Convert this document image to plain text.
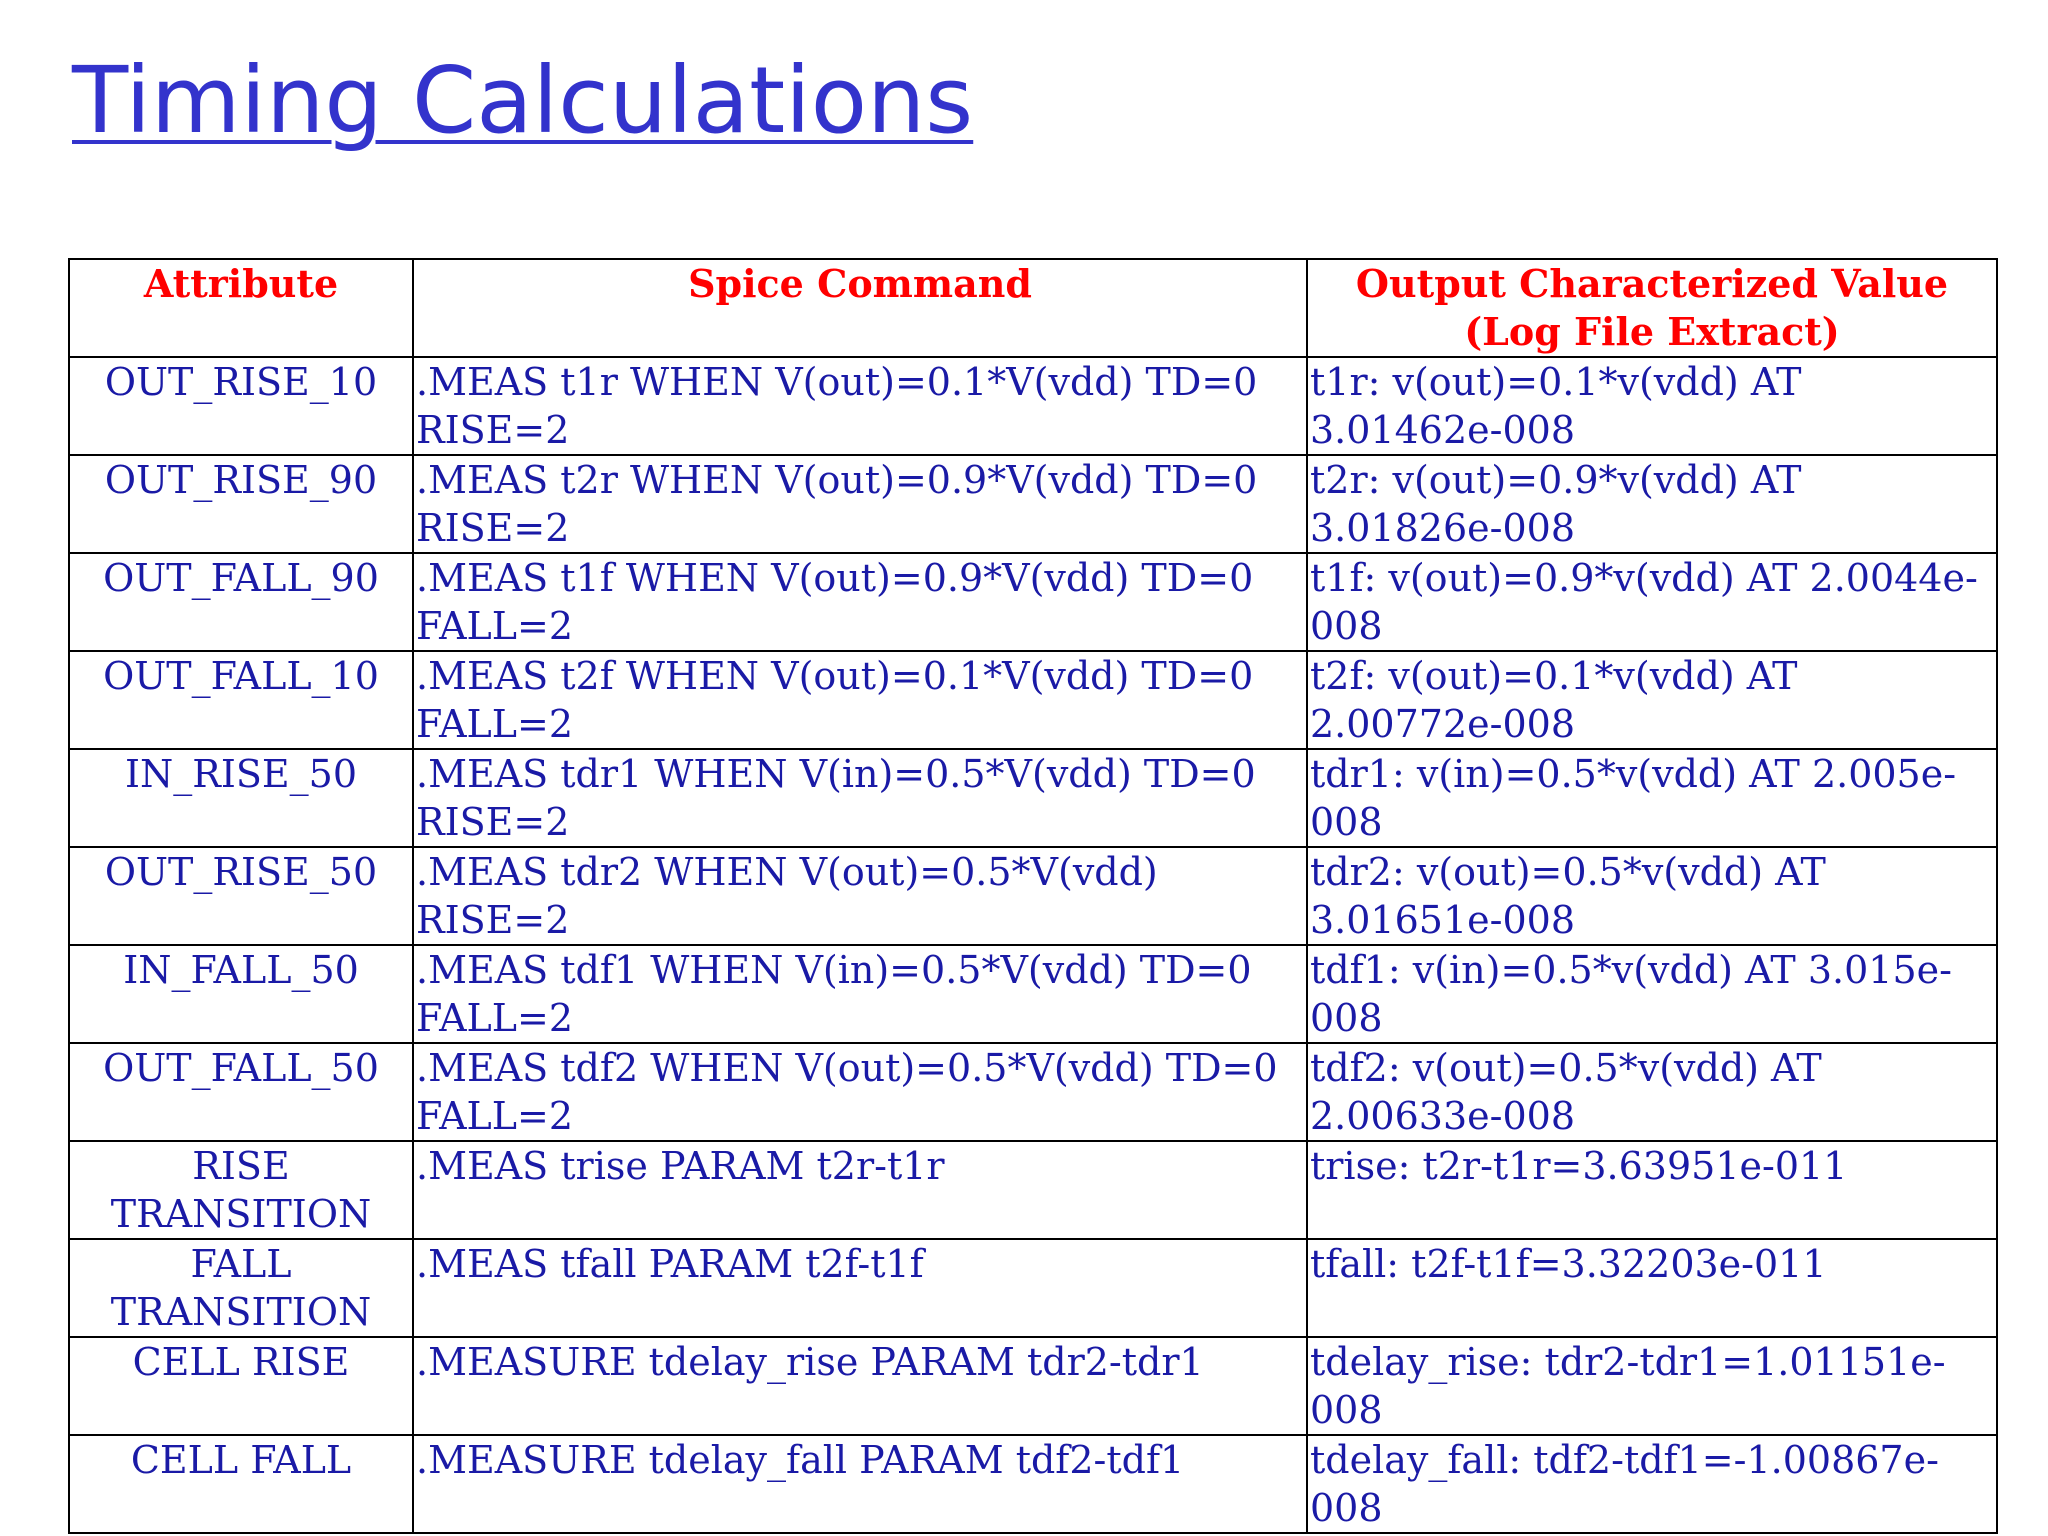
Timing Calculations
Attribute	Spice Command	Output Characterized Value (Log File Extract)
OUT_RISE_10	.MEAS t1r WHEN V(out)=0.1*V(vdd) TD=0 RISE=2	t1r: v(out)=0.1*v(vdd) AT 3.01462e-008
OUT_RISE_90	.MEAS t2r WHEN V(out)=0.9*V(vdd) TD=0 RISE=2	t2r: v(out)=0.9*v(vdd) AT 3.01826e-008
OUT_FALL_90	.MEAS t1f WHEN V(out)=0.9*V(vdd) TD=0 FALL=2	t1f: v(out)=0.9*v(vdd) AT 2.0044e-008
OUT_FALL_10	.MEAS t2f WHEN V(out)=0.1*V(vdd) TD=0 FALL=2	t2f: v(out)=0.1*v(vdd) AT 2.00772e-008
IN_RISE_50	.MEAS tdr1 WHEN V(in)=0.5*V(vdd) TD=0 RISE=2	tdr1: v(in)=0.5*v(vdd) AT 2.005e-008
OUT_RISE_50	.MEAS tdr2 WHEN V(out)=0.5*V(vdd) RISE=2	tdr2: v(out)=0.5*v(vdd) AT 3.01651e-008
IN_FALL_50	.MEAS tdf1 WHEN V(in)=0.5*V(vdd) TD=0 FALL=2	tdf1: v(in)=0.5*v(vdd) AT 3.015e-008
OUT_FALL_50	.MEAS tdf2 WHEN V(out)=0.5*V(vdd) TD=0 FALL=2	tdf2: v(out)=0.5*v(vdd) AT 2.00633e-008
RISE TRANSITION	.MEAS trise PARAM t2r-t1r	trise: t2r-t1r=3.63951e-011
FALL TRANSITION	.MEAS tfall PARAM t2f-t1f	tfall: t2f-t1f=3.32203e-011
CELL RISE	.MEASURE tdelay_rise PARAM tdr2-tdr1	tdelay_rise: tdr2-tdr1=1.01151e-008
CELL FALL	.MEASURE tdelay_fall PARAM tdf2-tdf1	tdelay_fall: tdf2-tdf1=-1.00867e-008
